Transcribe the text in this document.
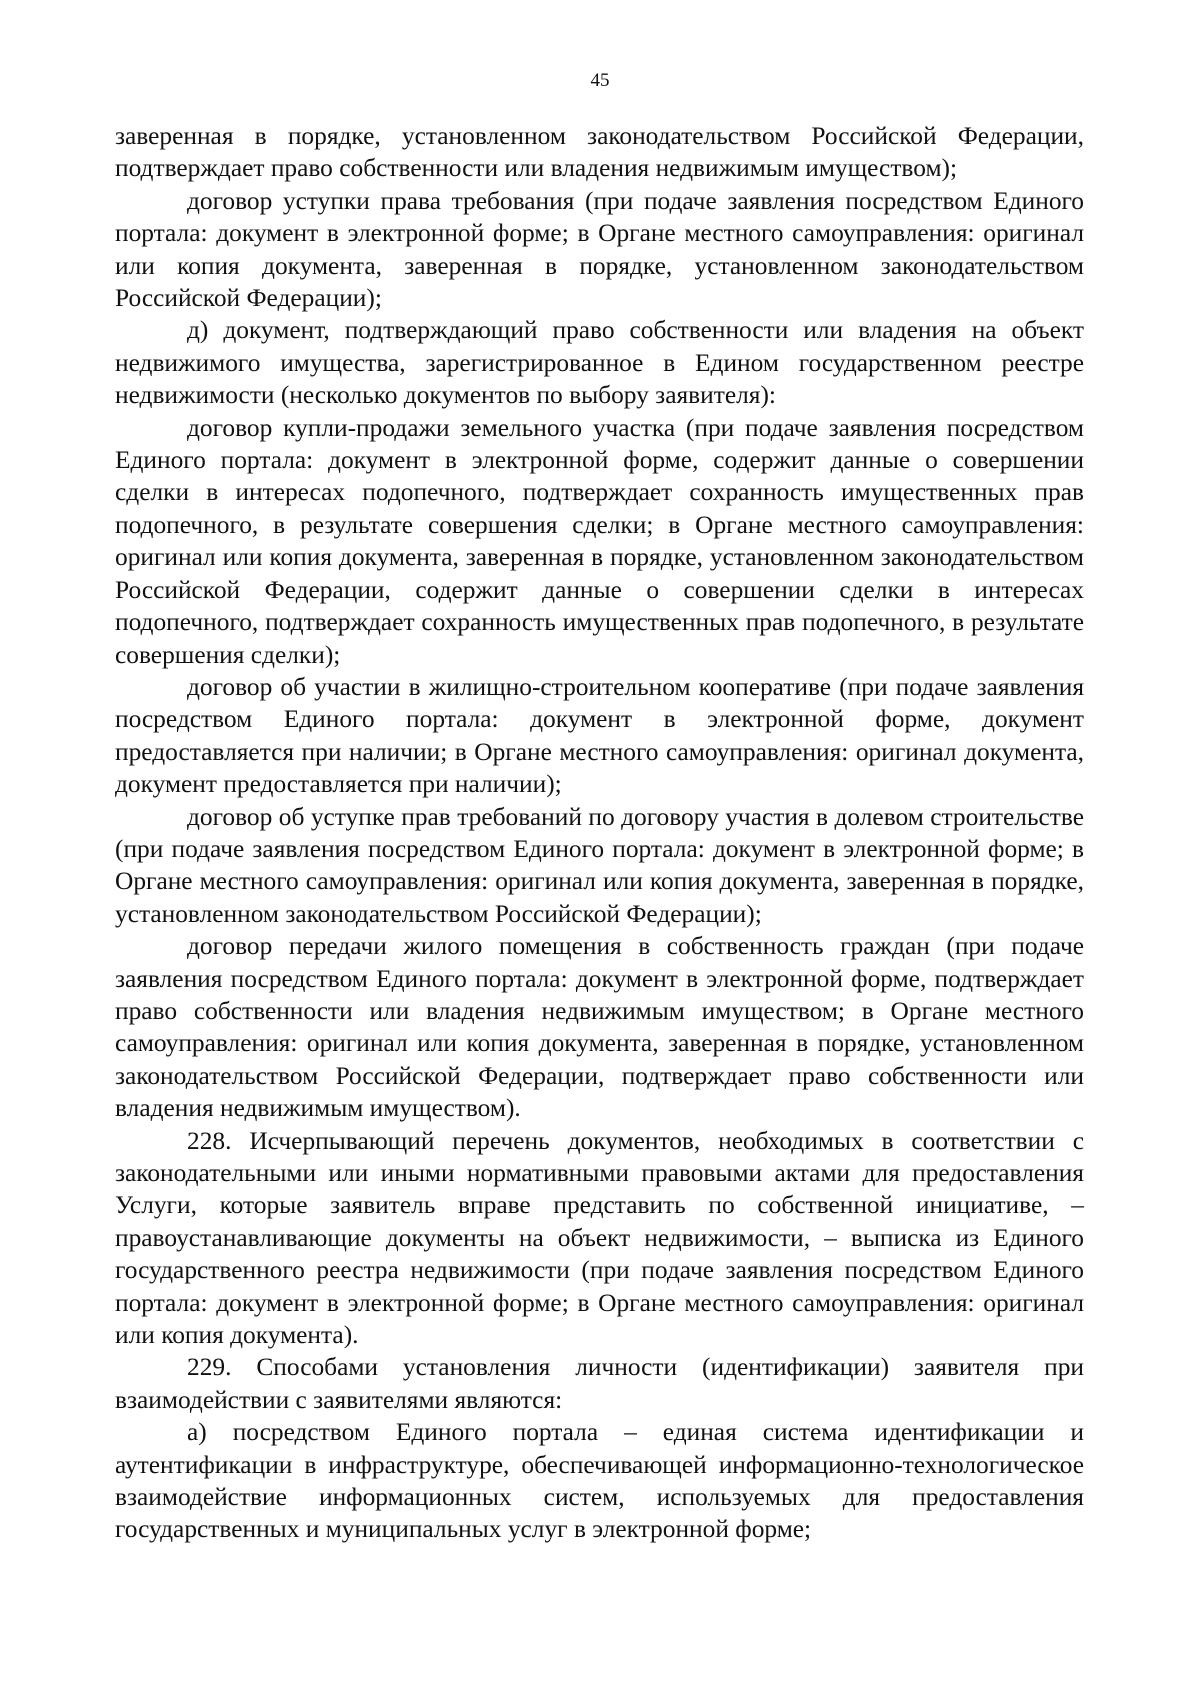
45

заверенная в порядке, установленном законодательством Российской Федерации, подтверждает право собственности или владения недвижимым имуществом);

договор уступки права требования (при подаче заявления посредством Единого портала: документ в электронной форме; в Органе местного самоуправления: оригинал или копия документа, заверенная в порядке, установленном законодательством Российской Федерации);

д) документ, подтверждающий право собственности или владения на объект недвижимого имущества, зарегистрированное в Едином государственном реестре недвижимости (несколько документов по выбору заявителя):

договор купли-продажи земельного участка (при подаче заявления посредством Единого портала: документ в электронной форме, содержит данные о совершении сделки в интересах подопечного, подтверждает сохранность имущественных прав подопечного, в результате совершения сделки; в Органе местного самоуправления: оригинал или копия документа, заверенная в порядке, установленном законодательством Российской Федерации, содержит данные о совершении сделки в интересах подопечного, подтверждает сохранность имущественных прав подопечного, в результате совершения сделки);

договор об участии в жилищно-строительном кооперативе (при подаче заявления посредством Единого портала: документ в электронной форме, документ предоставляется при наличии; в Органе местного самоуправления: оригинал документа, документ предоставляется при наличии);

договор об уступке прав требований по договору участия в долевом строительстве (при подаче заявления посредством Единого портала: документ в электронной форме; в Органе местного самоуправления: оригинал или копия документа, заверенная в порядке, установленном законодательством Российской Федерации);

договор передачи жилого помещения в собственность граждан (при подаче заявления посредством Единого портала: документ в электронной форме, подтверждает право собственности или владения недвижимым имуществом; в Органе местного самоуправления: оригинал или копия документа, заверенная в порядке, установленном законодательством Российской Федерации, подтверждает право собственности или владения недвижимым имуществом).

228. Исчерпывающий перечень документов, необходимых в соответствии с законодательными или иными нормативными правовыми актами для предоставления Услуги, которые заявитель вправе представить по собственной инициативе, – правоустанавливающие документы на объект недвижимости, – выписка из Единого государственного реестра недвижимости (при подаче заявления посредством Единого портала: документ в электронной форме; в Органе местного самоуправления: оригинал или копия документа).

229. Способами установления личности (идентификации) заявителя при взаимодействии с заявителями являются:

а) посредством Единого портала – единая система идентификации и аутентификации в инфраструктуре, обеспечивающей информационно-технологическое взаимодействие информационных систем, используемых для предоставления государственных и муниципальных услуг в электронной форме;
